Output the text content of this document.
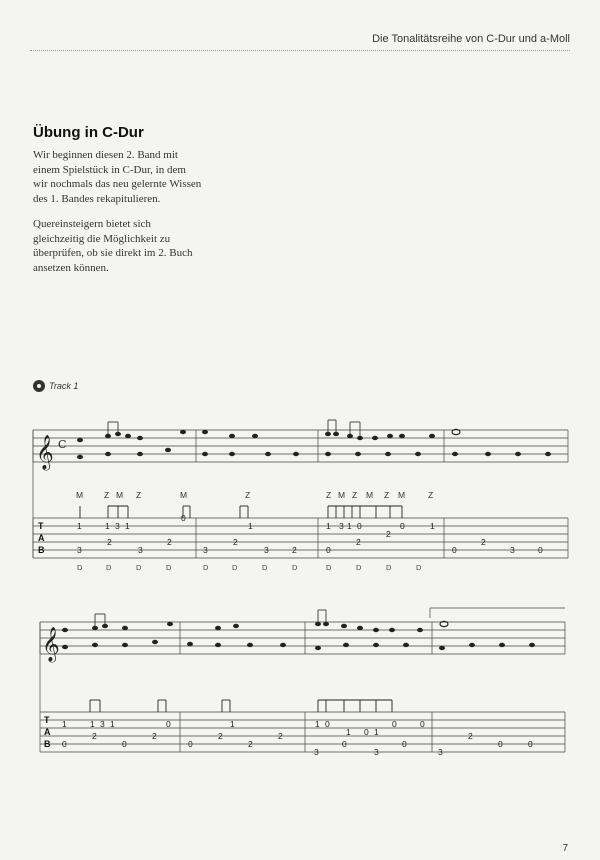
Die Tonalitätsreihe von C-Dur und a-Moll
Übung in C-Dur

Wir beginnen diesen 2. Band mit einem Spielstück in C-Dur, in dem wir nochmals das neu gelernte Wissen des 1. Bandes rekapitulieren.

Quereinsteigern bietet sich gleichzeitig die Möglichkeit zu überprüfen, ob sie direkt im 2. Buch ansetzen können.

Track 1
𝄞 C
M Z M Z	M	Z	Z M Z M Z M	Z
T
A
B
1	1 3 1
0
1	1 3 1 0	0	1
2	2	2	2
2
3	3
2
3	3	2	0	0	3	0
D	D	D	D	D	D	D	D	D	D	D	D
𝄞
T
A
B
1	1 3 1	0	1	1 0
1 0 1
0	0
2	2	2	2
0	0	0	2	0	0
3	3	3
0
2
0
7
